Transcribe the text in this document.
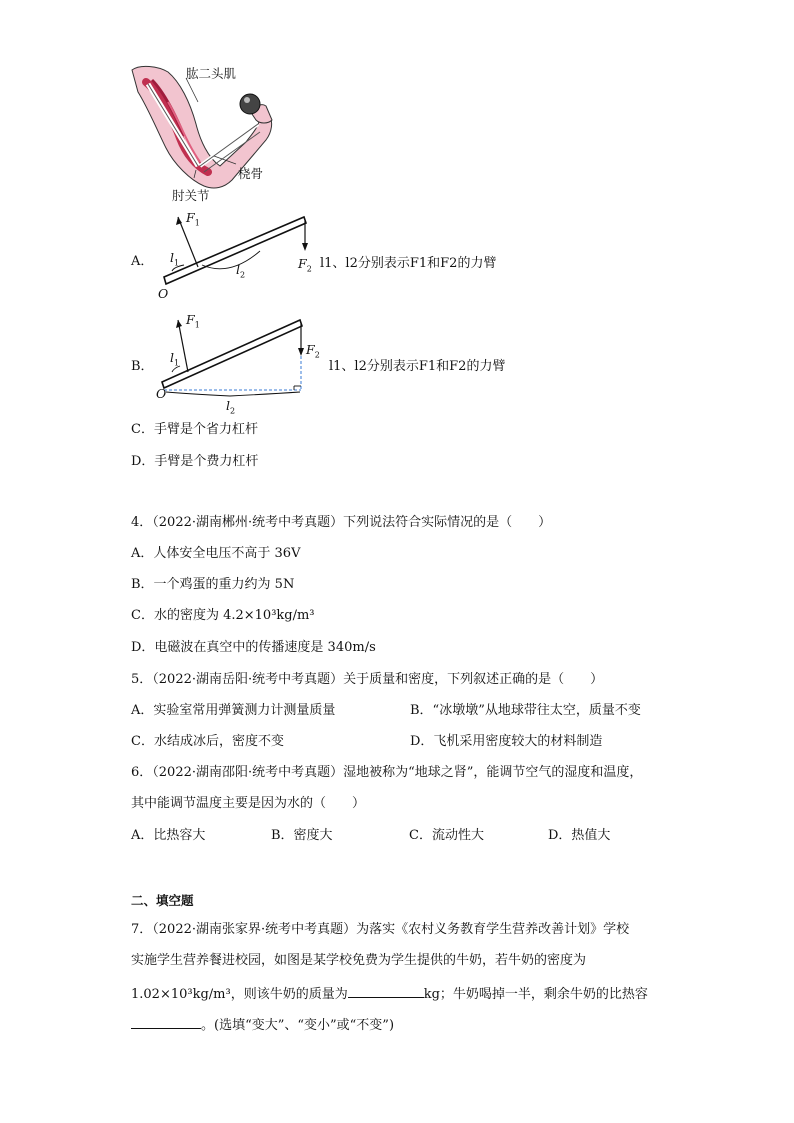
肱二头肌
桡骨
肘关节
A．
$F_1$
$l_1$	$l_2$
O
$F_2$ l1、l2分别表示F1和F2的力臂
B．
$F_1$
$l_1$
$l_2$
O
$F_2$
l1、l2分别表示F1和F2的力臂
C．手臂是个省力杠杆
D．手臂是个费力杠杆
4．（2022·湖南郴州·统考中考真题）下列说法符合实际情况的是（　　）
A．人体安全电压不高于 36V
B．一个鸡蛋的重力约为 5N
C．水的密度为 4.2×10³kg/m³
D．电磁波在真空中的传播速度是 340m/s
5．（2022·湖南岳阳·统考中考真题）关于质量和密度，下列叙述正确的是（　　）
A．实验室常用弹簧测力计测量质量	B．“冰墩墩”从地球带往太空，质量不变
C．水结成冰后，密度不变	D．飞机采用密度较大的材料制造
6．（2022·湖南邵阳·统考中考真题）湿地被称为“地球之肾”，能调节空气的湿度和温度，
其中能调节温度主要是因为水的（　　）
A．比热容大	B．密度大	C．流动性大	D．热值大
二、填空题
7．（2022·湖南张家界·统考中考真题）为落实《农村义务教育学生营养改善计划》学校
实施学生营养餐进校园，如图是某学校免费为学生提供的牛奶，若牛奶的密度为
1.02×10³kg/m³，则该牛奶的质量为	kg；牛奶喝掉一半，剩余牛奶的比热容
。(选填“变大”、“变小”或“不变”)
